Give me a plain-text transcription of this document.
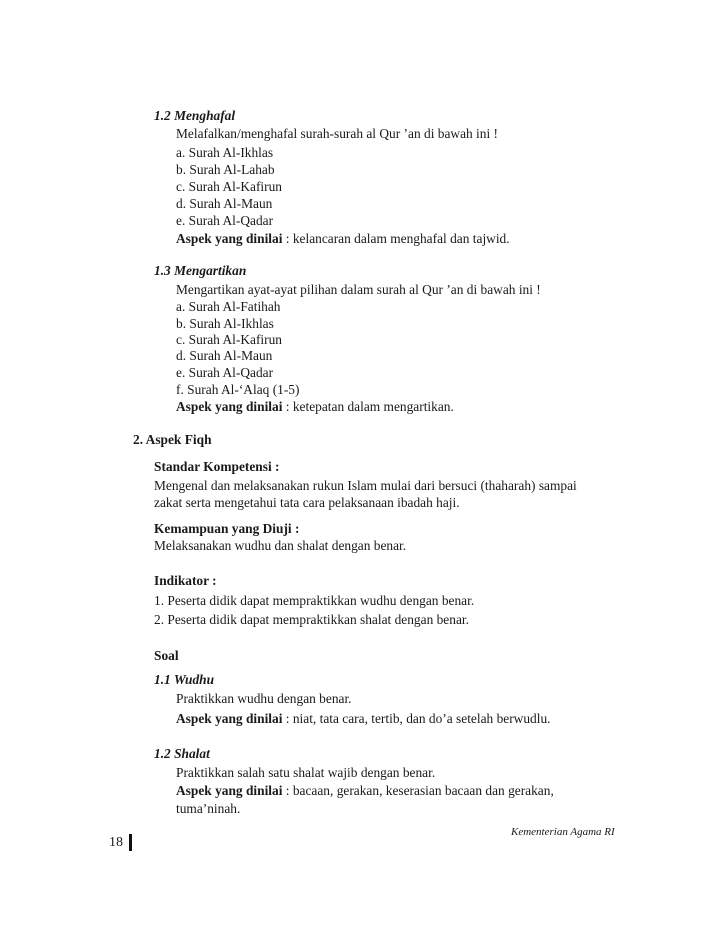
1.2 Menghafal
Melafalkan/menghafal surah-surah al Qur ’an di bawah ini !
a. Surah Al-Ikhlas
b. Surah Al-Lahab
c. Surah Al-Kafirun
d. Surah Al-Maun
e. Surah Al-Qadar
Aspek yang dinilai : kelancaran dalam menghafal dan tajwid.
1.3 Mengartikan
Mengartikan ayat-ayat pilihan dalam surah al Qur ’an di bawah ini !
a. Surah Al-Fatihah
b. Surah Al-Ikhlas
c. Surah Al-Kafirun
d. Surah Al-Maun
e. Surah Al-Qadar
f. Surah Al-‘Alaq (1-5)
Aspek yang dinilai : ketepatan dalam mengartikan.
2. Aspek Fiqh
Standar Kompetensi :
Mengenal dan melaksanakan rukun Islam mulai dari bersuci (thaharah) sampai
zakat serta mengetahui tata cara pelaksanaan ibadah haji.
Kemampuan yang Diuji :
Melaksanakan wudhu dan shalat dengan benar.
Indikator :
1. Peserta didik dapat mempraktikkan wudhu dengan benar.
2. Peserta didik dapat mempraktikkan shalat dengan benar.
Soal
1.1 Wudhu
Praktikkan wudhu dengan benar.
Aspek yang dinilai : niat, tata cara, tertib, dan do’a setelah berwudlu.
1.2 Shalat
Praktikkan salah satu shalat wajib dengan benar.
Aspek yang dinilai : bacaan, gerakan, keserasian bacaan dan gerakan,
tuma’ninah.
Kementerian Agama RI
18
